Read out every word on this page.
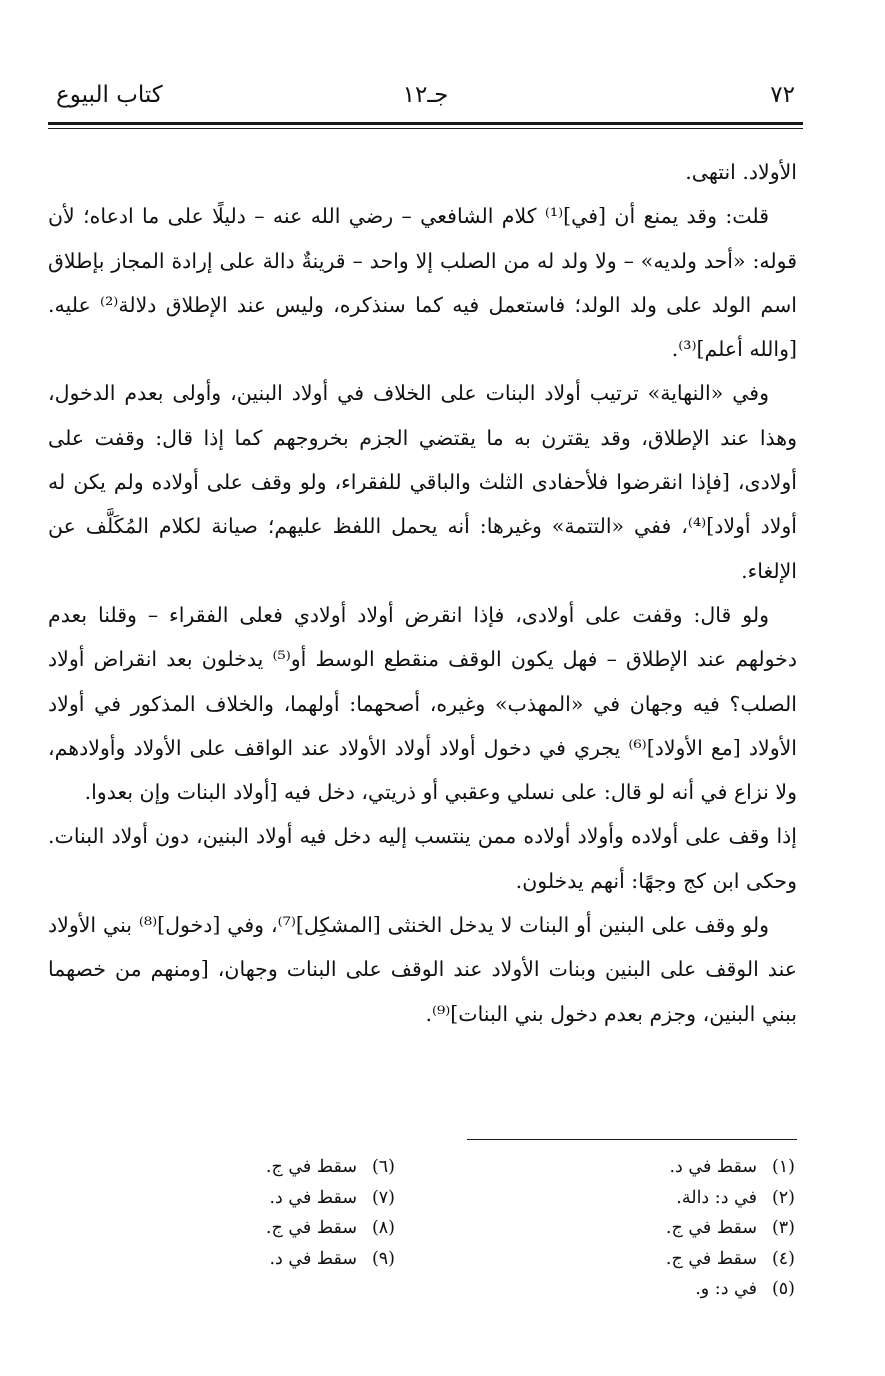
٧٢
جـ١٢
كتاب البيوع

الأولاد. انتهى.

قلت: وقد يمنع أن [في]⁽¹⁾ كلام الشافعي – رضي الله عنه – دليلًا على ما ادعاه؛ لأن قوله: «أحد ولديه» – ولا ولد له من الصلب إلا واحد – قرينةٌ دالة على إرادة المجاز بإطلاق اسم الولد على ولد الولد؛ فاستعمل فيه كما سنذكره، وليس عند الإطلاق دلالة⁽²⁾ عليه. [والله أعلم]⁽³⁾.

وفي «النهاية» ترتيب أولاد البنات على الخلاف في أولاد البنين، وأولى بعدم الدخول، وهذا عند الإطلاق، وقد يقترن به ما يقتضي الجزم بخروجهم كما إذا قال: وقفت على أولادى، [فإذا انقرضوا فلأحفادى الثلث والباقي للفقراء، ولو وقف على أولاده ولم يكن له أولاد أولاد]⁽⁴⁾، ففي «التتمة» وغيرها: أنه يحمل اللفظ عليهم؛ صيانة لكلام المُكَلَّف عن الإلغاء.

ولو قال: وقفت على أولادى، فإذا انقرض أولاد أولادي فعلى الفقراء – وقلنا بعدم دخولهم عند الإطلاق – فهل يكون الوقف منقطع الوسط أو⁽⁵⁾ يدخلون بعد انقراض أولاد الصلب؟ فيه وجهان في «المهذب» وغيره، أصحهما: أولهما، والخلاف المذكور في أولاد الأولاد [مع الأولاد]⁽⁶⁾ يجري في دخول أولاد أولاد الأولاد عند الواقف على الأولاد وأولادهم، ولا نزاع في أنه لو قال: على نسلي وعقبي أو ذريتي، دخل فيه [أولاد البنات وإن بعدوا.

إذا وقف على أولاده وأولاد أولاده ممن ينتسب إليه دخل فيه أولاد البنين، دون أولاد البنات. وحكى ابن كج وجهًا: أنهم يدخلون.

ولو وقف على البنين أو البنات لا يدخل الخنثى [المشكِل]⁽⁷⁾، وفي [دخول]⁽⁸⁾ بني الأولاد عند الوقف على البنين وبنات الأولاد عند الوقف على البنات وجهان، [ومنهم من خصهما ببني البنين، وجزم بعدم دخول بني البنات]⁽⁹⁾.

(١)
سقط في د.
(٢)
في د: دالة.
(٣)
سقط في ج.
(٤)
سقط في ج.
(٥)
في د: و.
(٦)
سقط في ج.
(٧)
سقط في د.
(٨)
سقط في ج.
(٩)
سقط في د.
